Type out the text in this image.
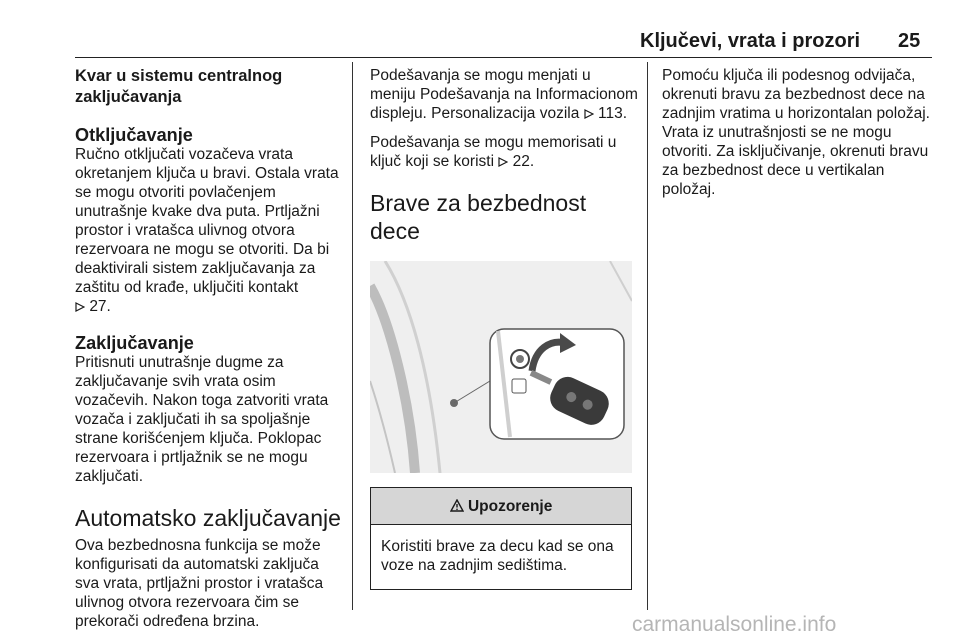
Ključevi, vrata i prozori 25
Kvar u sistemu centralnog zaključavanja
Otključavanje

Ručno otključati vozačeva vrata okretanjem ključa u bravi. Ostala vrata se mogu otvoriti povlačenjem unutrašnje kvake dva puta. Prtljažni prostor i vratašca ulivnog otvora rezervoara ne mogu se otvoriti. Da bi deaktivirali sistem zaključavanja za zaštitu od krađe, uključiti kontakt
27.

Zaključavanje

Pritisnuti unutrašnje dugme za zaključavanje svih vrata osim vozačevih. Nakon toga zatvoriti vrata vozača i zaključati ih sa spoljašnje strane korišćenjem ključa. Poklopac rezervoara i prtljažnik se ne mogu zaključati.

Automatsko zaključavanje

Ova bezbednosna funkcija se može konfigurisati da automatski zaključa sva vrata, prtljažni prostor i vratašca ulivnog otvora rezervoara čim se prekorači određena brzina.

Podešavanja se mogu menjati u meniju Podešavanja na Informacionom displeju. Personalizacija vozila 113.

Podešavanja se mogu memorisati u ključ koji se koristi 22.

Brave za bezbednost dece
Upozorenje
Koristiti brave za decu kad se ona voze na zadnjim sedištima.

Pomoću ključa ili podesnog odvijača, okrenuti bravu za bezbednost dece na zadnjim vratima u horizontalan položaj. Vrata iz unutrašnjosti se ne mogu otvoriti. Za isključivanje, okrenuti bravu za bezbednost dece u vertikalan položaj.

carmanualsonline.info
